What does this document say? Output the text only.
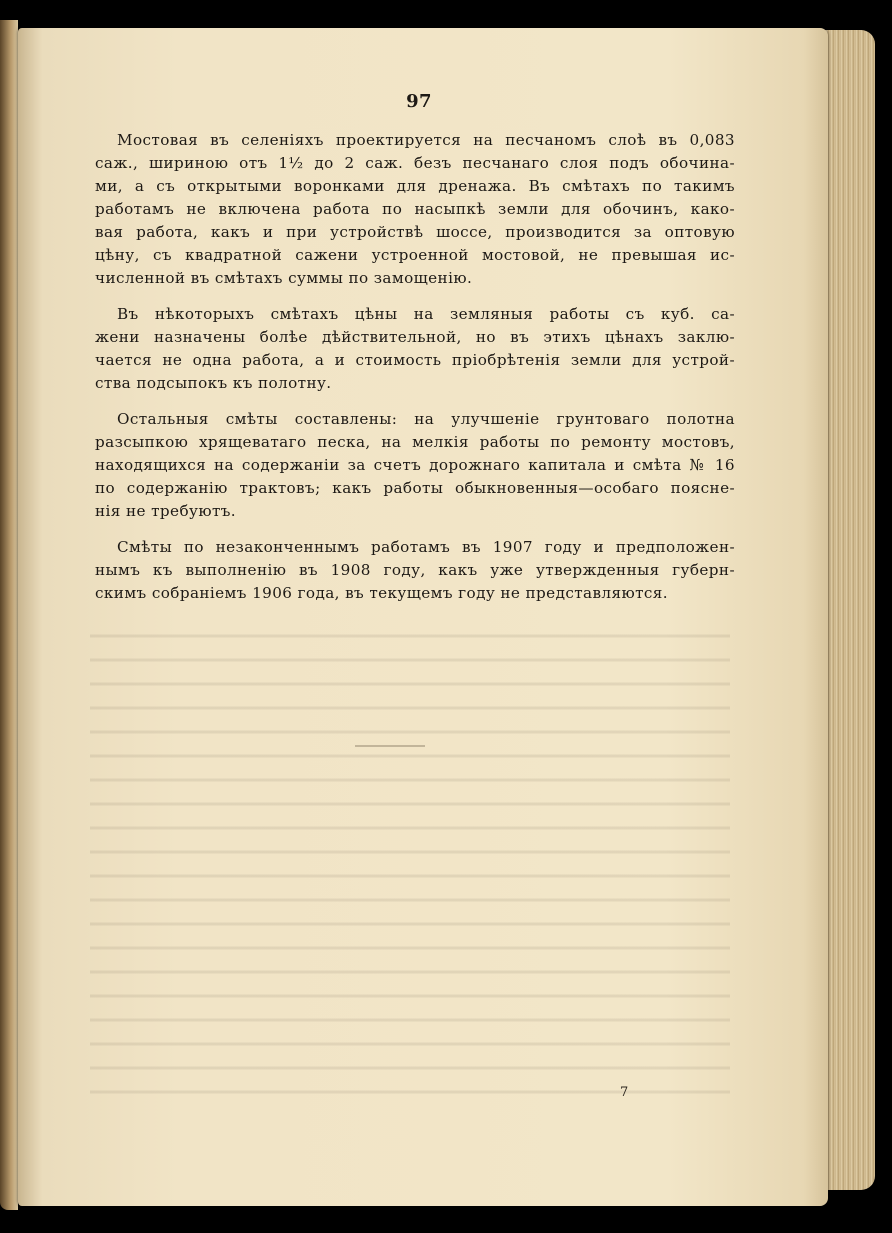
97
Мостовая въ селеніяхъ проектируется на песчаномъ слоѣ въ 0,083
саж., шириною отъ 1½ до 2 саж. безъ песчанаго слоя подъ обочина-
ми, а съ открытыми воронками для дренажа. Въ смѣтахъ по такимъ
работамъ не включена работа по насыпкѣ земли для обочинъ, како-
вая работа, какъ и при устройствѣ шоссе, производится за оптовую
цѣну, съ квадратной сажени устроенной мостовой, не превышая ис-
численной въ смѣтахъ суммы по замощенію.
Въ нѣкоторыхъ смѣтахъ цѣны на земляныя работы съ куб. са-
жени назначены болѣе дѣйствительной, но въ этихъ цѣнахъ заклю-
чается не одна работа, а и стоимость пріобрѣтенія земли для устрой-
ства подсыпокъ къ полотну.
Остальныя смѣты составлены: на улучшеніе грунтоваго полотна
разсыпкою хрящеватаго песка, на мелкія работы по ремонту мостовъ,
находящихся на содержаніи за счетъ дорожнаго капитала и смѣта № 16
по содержанію трактовъ; какъ работы обыкновенныя—особаго поясне-
нія не требуютъ.
Смѣты по незаконченнымъ работамъ въ 1907 году и предположен-
нымъ къ выполненію въ 1908 году, какъ уже утвержденныя губерн-
скимъ собраніемъ 1906 года, въ текущемъ году не представляются.
7
